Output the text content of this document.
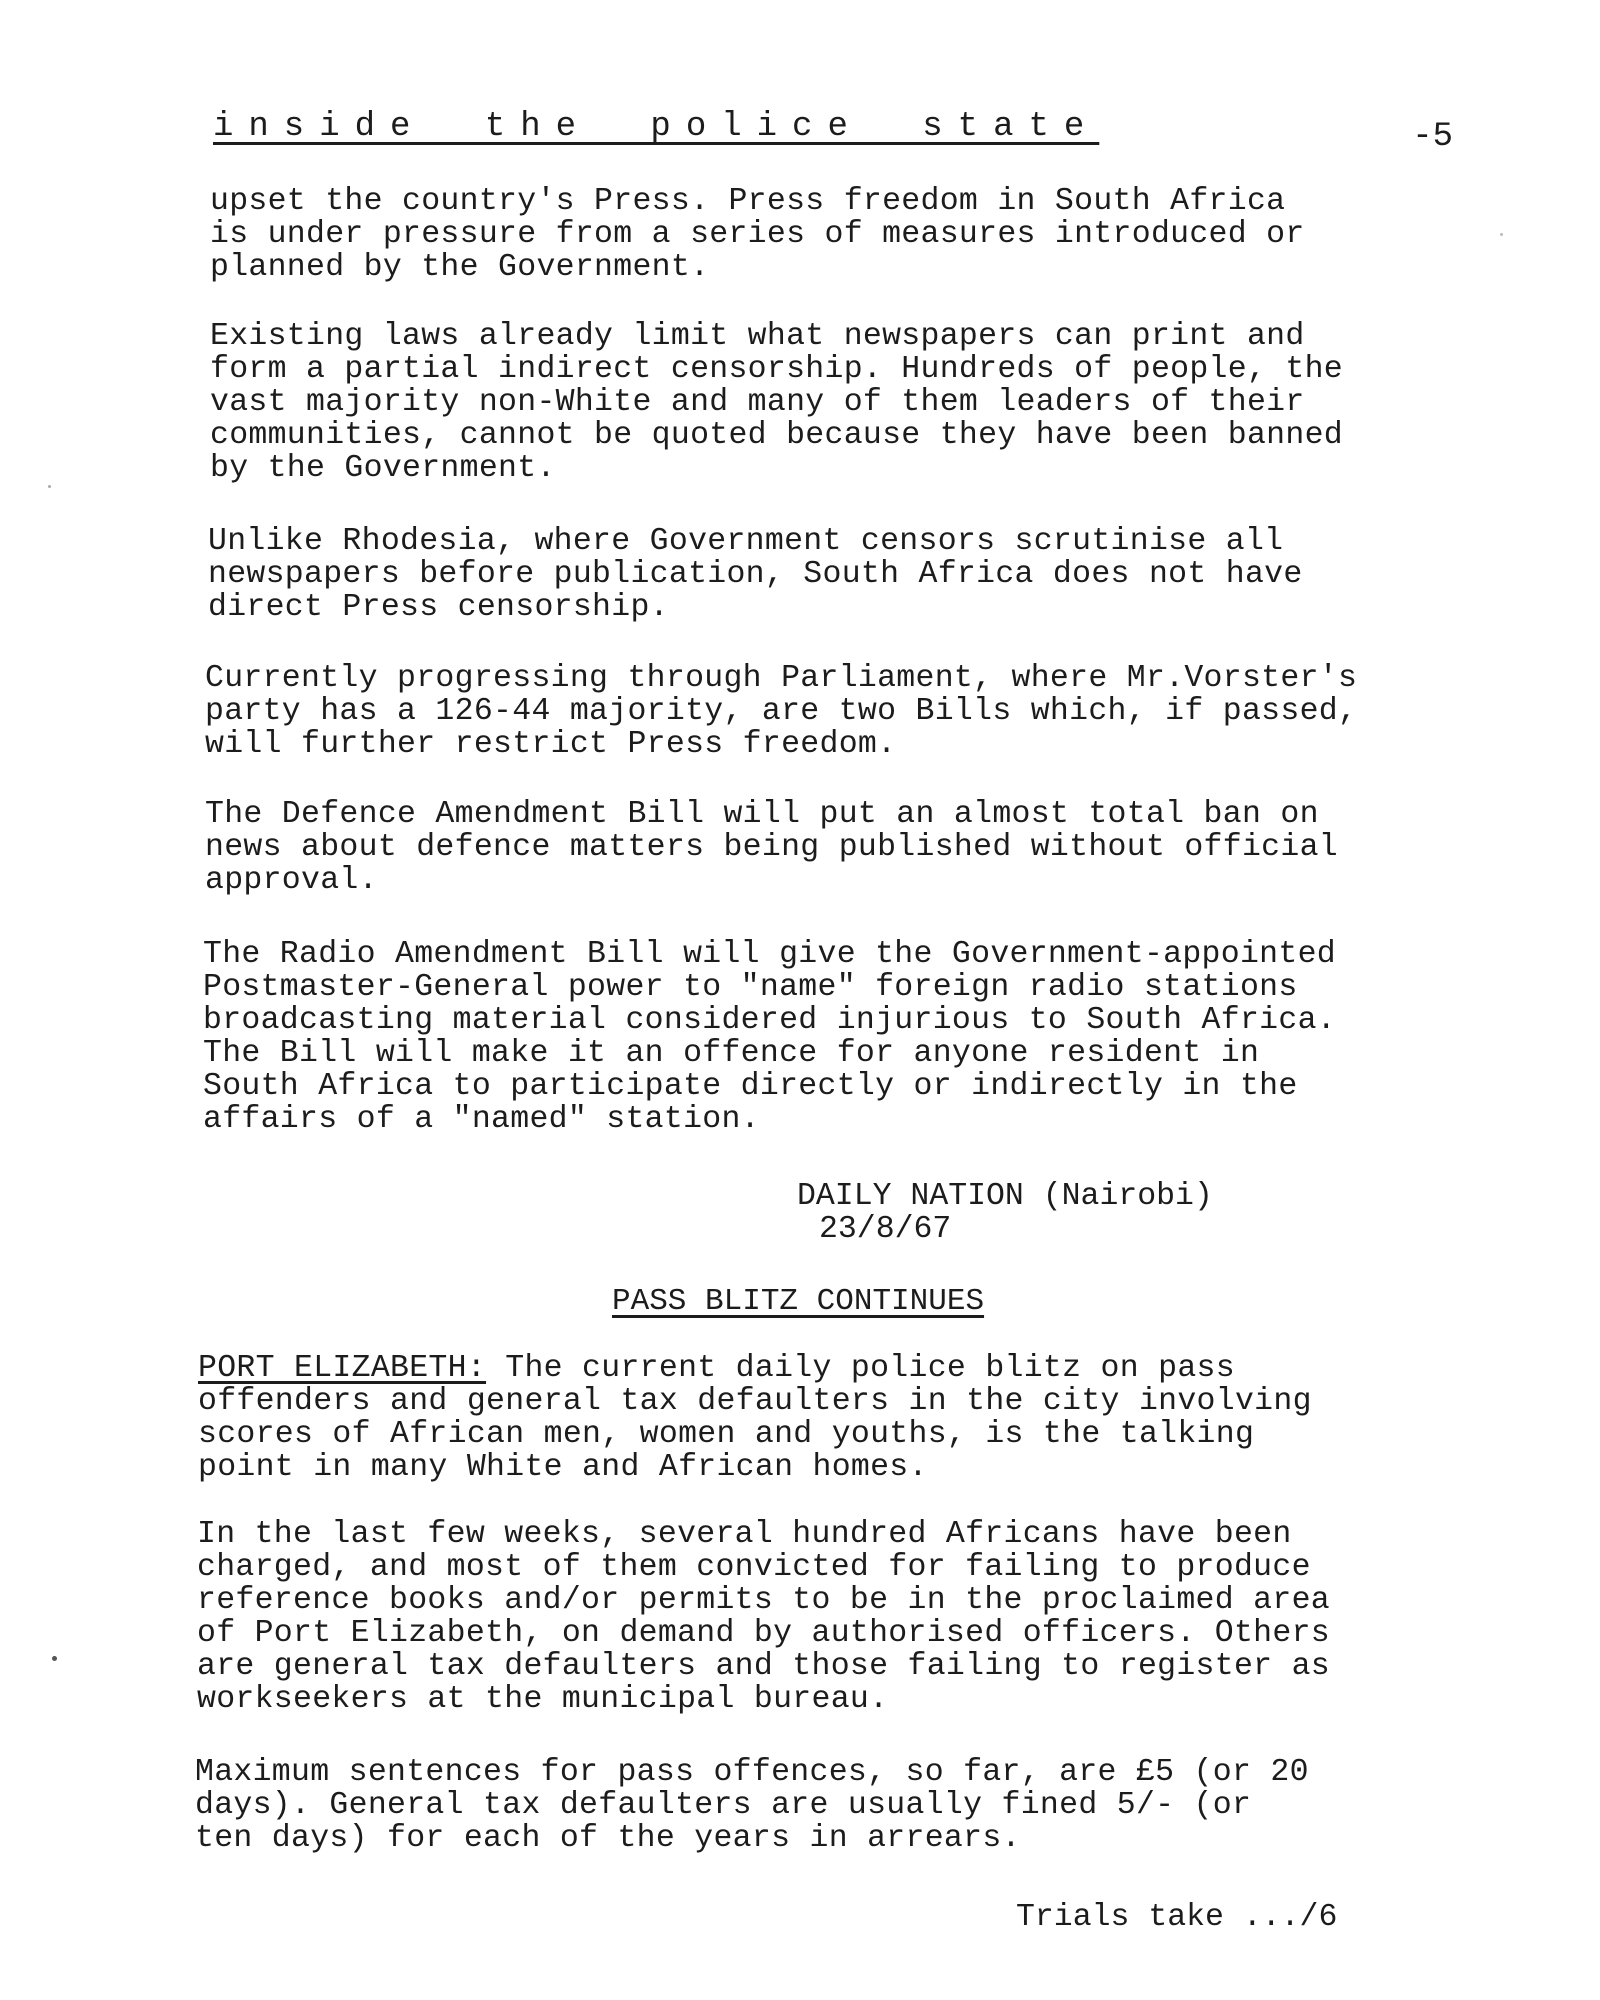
inside the police state	-5

upset the country's Press. Press freedom in South Africa
is under pressure from a series of measures introduced or
planned by the Government.

Existing laws already limit what newspapers can print and
form a partial indirect censorship. Hundreds of people, the
vast majority non-White and many of them leaders of their
communities, cannot be quoted because they have been banned
by the Government.

Unlike Rhodesia, where Government censors scrutinise all
newspapers before publication, South Africa does not have
direct Press censorship.

Currently progressing through Parliament, where Mr.Vorster's
party has a 126-44 majority, are two Bills which, if passed,
will further restrict Press freedom.

The Defence Amendment Bill will put an almost total ban on
news about defence matters being published without official
approval.

The Radio Amendment Bill will give the Government-appointed
Postmaster-General power to "name" foreign radio stations
broadcasting material considered injurious to South Africa.
The Bill will make it an offence for anyone resident in
South Africa to participate directly or indirectly in the
affairs of a "named" station.

DAILY NATION (Nairobi)
23/8/67
PASS BLITZ CONTINUES

PORT ELIZABETH: The current daily police blitz on pass
offenders and general tax defaulters in the city involving
scores of African men, women and youths, is the talking
point in many White and African homes.

In the last few weeks, several hundred Africans have been
charged, and most of them convicted for failing to produce
reference books and/or permits to be in the proclaimed area
of Port Elizabeth, on demand by authorised officers. Others
are general tax defaulters and those failing to register as
workseekers at the municipal bureau.

Maximum sentences for pass offences, so far, are £5 (or 20
days). General tax defaulters are usually fined 5/- (or
ten days) for each of the years in arrears.

Trials take .../6
